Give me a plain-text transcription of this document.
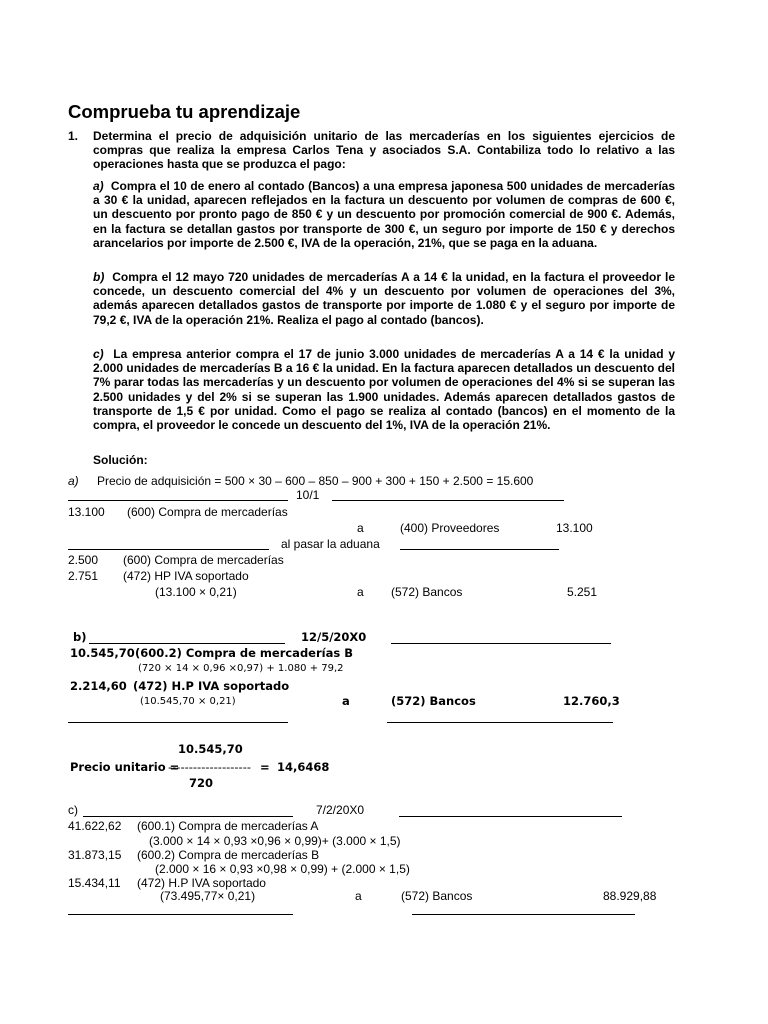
Comprueba tu aprendizaje
1. Determina el precio de adquisición unitario de las mercaderías en los siguientes ejercicios de compras que realiza la empresa Carlos Tena y asociados S.A. Contabiliza todo lo relativo a las operaciones hasta que se produzca el pago:
a) Compra el 10 de enero al contado (Bancos) a una empresa japonesa 500 unidades de mercaderías a 30 € la unidad, aparecen reflejados en la factura un descuento por volumen de compras de 600 €, un descuento por pronto pago de 850 € y un descuento por promoción comercial de 900 €. Además, en la factura se detallan gastos por transporte de 300 €, un seguro por importe de 150 € y derechos arancelarios por importe de 2.500 €, IVA de la operación, 21%, que se paga en la aduana.
b) Compra el 12 mayo 720 unidades de mercaderías A a 14 € la unidad, en la factura el proveedor le concede, un descuento comercial del 4% y un descuento por volumen de operaciones del 3%, además aparecen detallados gastos de transporte por importe de 1.080 € y el seguro por importe de 79,2 €, IVA de la operación 21%. Realiza el pago al contado (bancos).
c) La empresa anterior compra el 17 de junio 3.000 unidades de mercaderías A a 14 € la unidad y 2.000 unidades de mercaderías B a 16 € la unidad. En la factura aparecen detallados un descuento del 7% parar todas las mercaderías y un descuento por volumen de operaciones del 4% si se superan las 2.500 unidades y del 2% si se superan las 1.900 unidades. Además aparecen detallados gastos de transporte de 1,5 € por unidad. Como el pago se realiza al contado (bancos) en el momento de la compra, el proveedor le concede un descuento del 1%, IVA de la operación 21%.
Solución:
a) Precio de adquisición = 500 × 30 – 600 – 850 – 900 + 300 + 150 + 2.500 = 15.600
10/1
13.100 (600) Compra de mercaderías
a	(400) Proveedores	13.100
al pasar la aduana
2.500 (600) Compra de mercaderías
2.751 (472) HP IVA soportado
(13.100 × 0,21)	a (572) Bancos	5.251
b)	12/5/20X0
10.545,70 (600.2) Compra de mercaderías B
(720 × 14 × 0,96 ×0,97) + 1.080 + 79,2
2.214,60 (472) H.P IVA soportado
(10.545,70 × 0,21)	a	(572) Bancos	12.760,3
10.545,70
Precio unitario =
-------------------- = 14,6468
720
c)	7/2/20X0
41.622,62 (600.1) Compra de mercaderías A
(3.000 × 14 × 0,93 ×0,96 × 0,99)+ (3.000 × 1,5)
31.873,15 (600.2) Compra de mercaderías B
(2.000 × 16 × 0,93 ×0,98 × 0,99) + (2.000 × 1,5)
15.434,11 (472) H.P IVA soportado
(73.495,77× 0,21)	a	(572) Bancos	88.929,88
